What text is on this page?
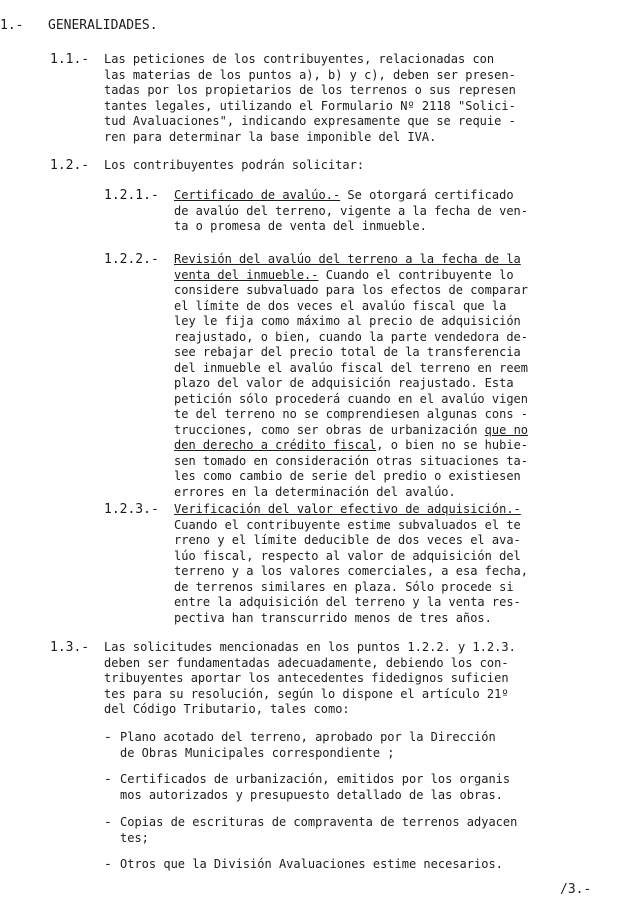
1.- GENERALIDADES.
1.1.- Las peticiones de los contribuyentes, relacionadas con
las materias de los puntos a), b) y c), deben ser presen-
tadas por los propietarios de los terrenos o sus represen
tantes legales, utilizando el Formulario Nº 2118 "Solici-
tud Avaluaciones", indicando expresamente que se requie -
ren para determinar la base imponible del IVA.
1.2.- Los contribuyentes podrán solicitar:
1.2.1.- Certificado de avalúo.- Se otorgará certificado
de avalúo del terreno, vigente a la fecha de ven-
ta o promesa de venta del inmueble.
1.2.2.- Revisión del avalúo del terreno a la fecha de la
venta del inmueble.- Cuando el contribuyente lo
considere subvaluado para los efectos de comparar
el límite de dos veces el avalúo fiscal que la
ley le fija como máximo al precio de adquisición
reajustado, o bien, cuando la parte vendedora de-
see rebajar del precio total de la transferencia
del inmueble el avalúo fiscal del terreno en reem
plazo del valor de adquisición reajustado. Esta
petición sólo procederá cuando en el avalúo vigen
te del terreno no se comprendiesen algunas cons -
trucciones, como ser obras de urbanización que no
den derecho a crédito fiscal, o bien no se hubie-
sen tomado en consideración otras situaciones ta-
les como cambio de serie del predio o existiesen
errores en la determinación del avalúo.
1.2.3.- Verificación del valor efectivo de adquisición.-
Cuando el contribuyente estime subvaluados el te
rreno y el límite deducible de dos veces el ava-
lúo fiscal, respecto al valor de adquisición del
terreno y a los valores comerciales, a esa fecha,
de terrenos similares en plaza. Sólo procede si
entre la adquisición del terreno y la venta res-
pectiva han transcurrido menos de tres años.
1.3.- Las solicitudes mencionadas en los puntos 1.2.2. y 1.2.3.
deben ser fundamentadas adecuadamente, debiendo los con-
tribuyentes aportar los antecedentes fidedignos suficien
tes para su resolución, según lo dispone el artículo 21º
del Código Tributario, tales como:
- Plano acotado del terreno, aprobado por la Dirección
de Obras Municipales correspondiente ;
- Certificados de urbanización, emitidos por los organis
mos autorizados y presupuesto detallado de las obras.
- Copias de escrituras de compraventa de terrenos adyacen
tes;
- Otros que la División Avaluaciones estime necesarios.
/3.-
